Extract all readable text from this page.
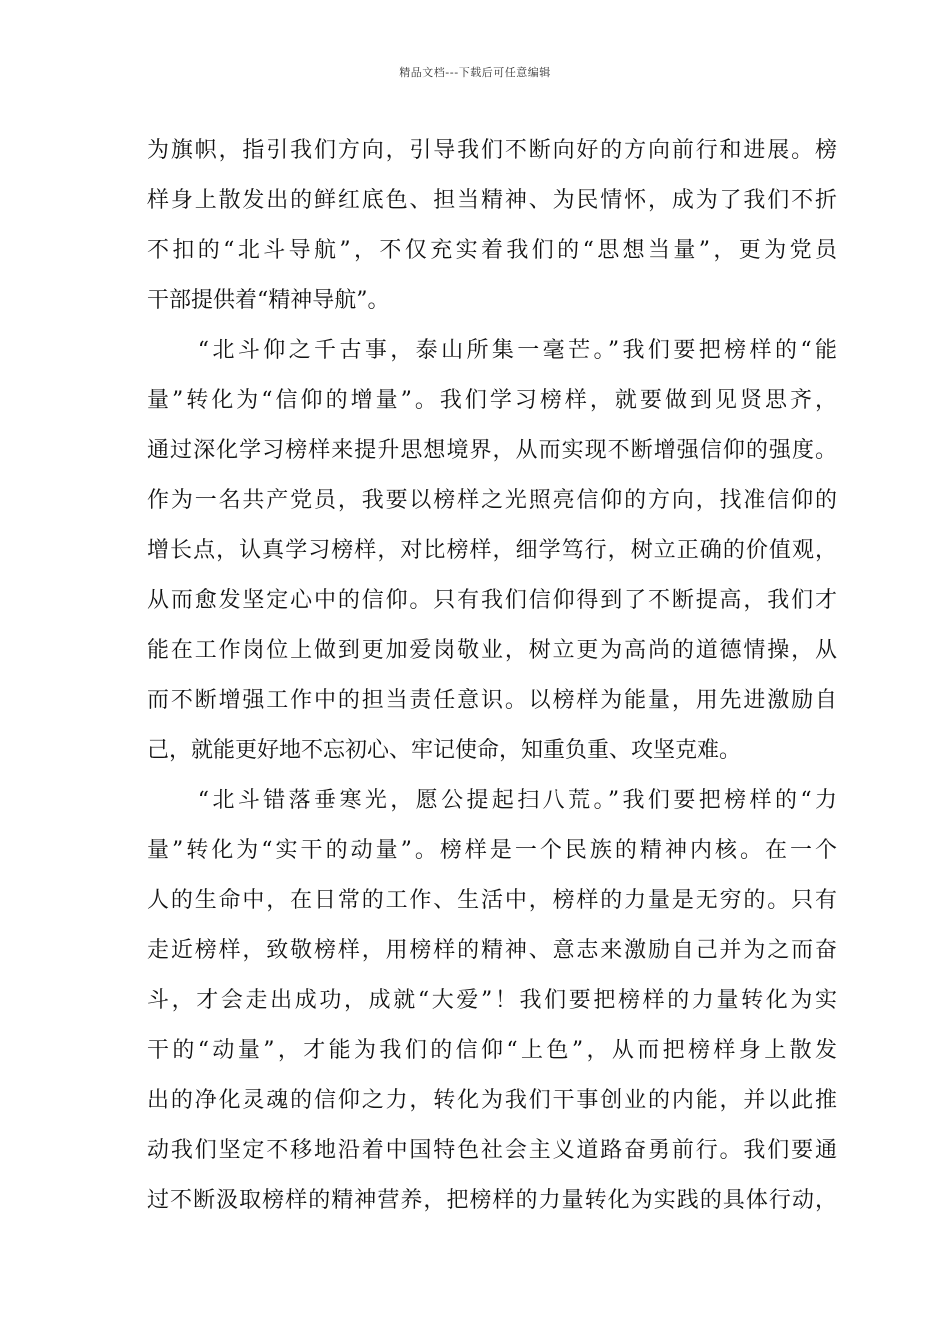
精品文档---下载后可任意编辑
为旗帜，指引我们方向，引导我们不断向好的方向前行和进展。榜
样身上散发出的鲜红底色、担当精神、为民情怀，成为了我们不折
不扣的“北斗导航”，不仅充实着我们的“思想当量”，更为党员
干部提供着“精神导航”。
　　“北斗仰之千古事，泰山所集一毫芒。”我们要把榜样的“能
量”转化为“信仰的增量”。我们学习榜样，就要做到见贤思齐，
通过深化学习榜样来提升思想境界，从而实现不断增强信仰的强度。
作为一名共产党员，我要以榜样之光照亮信仰的方向，找准信仰的
增长点，认真学习榜样，对比榜样，细学笃行，树立正确的价值观，
从而愈发坚定心中的信仰。只有我们信仰得到了不断提高，我们才
能在工作岗位上做到更加爱岗敬业，树立更为高尚的道德情操，从
而不断增强工作中的担当责任意识。以榜样为能量，用先进激励自
己，就能更好地不忘初心、牢记使命，知重负重、攻坚克难。
　　“北斗错落垂寒光，愿公提起扫八荒。”我们要把榜样的“力
量”转化为“实干的动量”。榜样是一个民族的精神内核。在一个
人的生命中，在日常的工作、生活中，榜样的力量是无穷的。只有
走近榜样，致敬榜样，用榜样的精神、意志来激励自己并为之而奋
斗，才会走出成功，成就“大爱”！我们要把榜样的力量转化为实
干的“动量”，才能为我们的信仰“上色”，从而把榜样身上散发
出的净化灵魂的信仰之力，转化为我们干事创业的内能，并以此推
动我们坚定不移地沿着中国特色社会主义道路奋勇前行。我们要通
过不断汲取榜样的精神营养，把榜样的力量转化为实践的具体行动，
